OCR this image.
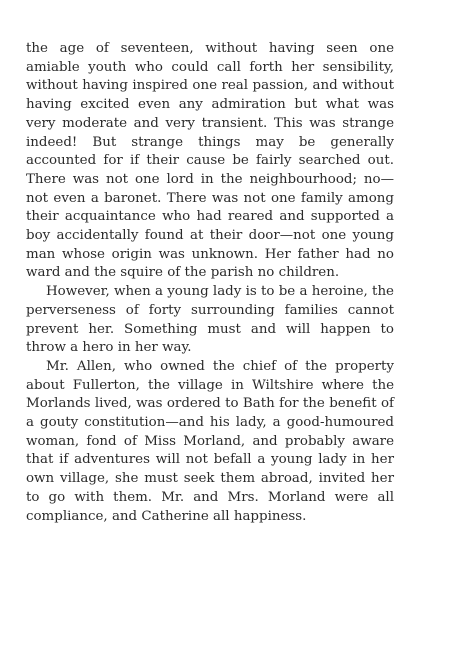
the age of seventeen, without having seen one amiable youth who could call forth her sensibility, without having inspired one real passion, and without having excited even any admiration but what was very moderate and very transient. This was strange indeed! But strange things may be generally accounted for if their cause be fairly searched out. There was not one lord in the neighbourhood; no—not even a baronet. There was not one family among their acquaintance who had reared and supported a boy accidentally found at their door—not one young man whose origin was unknown. Her father had no ward and the squire of the parish no children.

However, when a young lady is to be a heroine, the perverseness of forty surrounding families cannot prevent her. Something must and will happen to throw a hero in her way.

Mr. Allen, who owned the chief of the property about Fullerton, the village in Wiltshire where the Morlands lived, was ordered to Bath for the benefit of a gouty constitution—and his lady, a good-humoured woman, fond of Miss Morland, and probably aware that if adventures will not befall a young lady in her own village, she must seek them abroad, invited her to go with them. Mr. and Mrs. Morland were all compliance, and Catherine all happiness.
